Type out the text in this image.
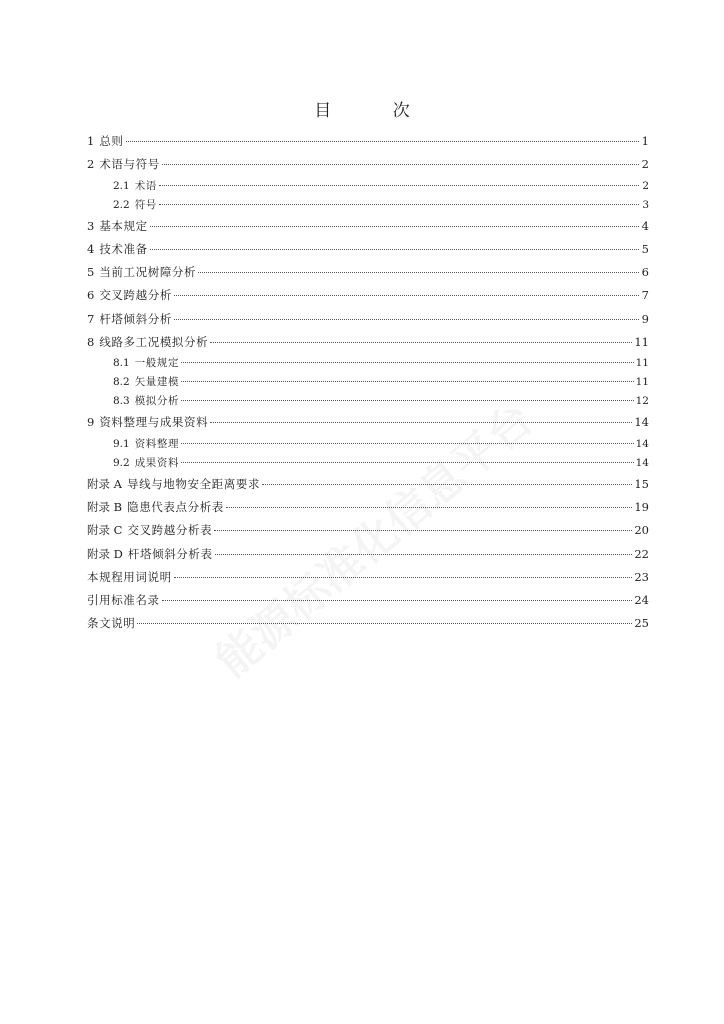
目 次
1 总则	1
2 术语与符号	2
2.1 术语	2
2.2 符号	3
3 基本规定	4
4 技术准备	5
5 当前工况树障分析	6
6 交叉跨越分析	7
7 杆塔倾斜分析	9
8 线路多工况模拟分析	11
8.1 一般规定	11
8.2 矢量建模	11
8.3 模拟分析	12
9 资料整理与成果资料	14
9.1 资料整理	14
9.2 成果资料	14
附录 A 导线与地物安全距离要求	15
附录 B 隐患代表点分析表	19
附录 C 交叉跨越分析表	20
附录 D 杆塔倾斜分析表	22
本规程用词说明	23
引用标准名录	24
条文说明	25
